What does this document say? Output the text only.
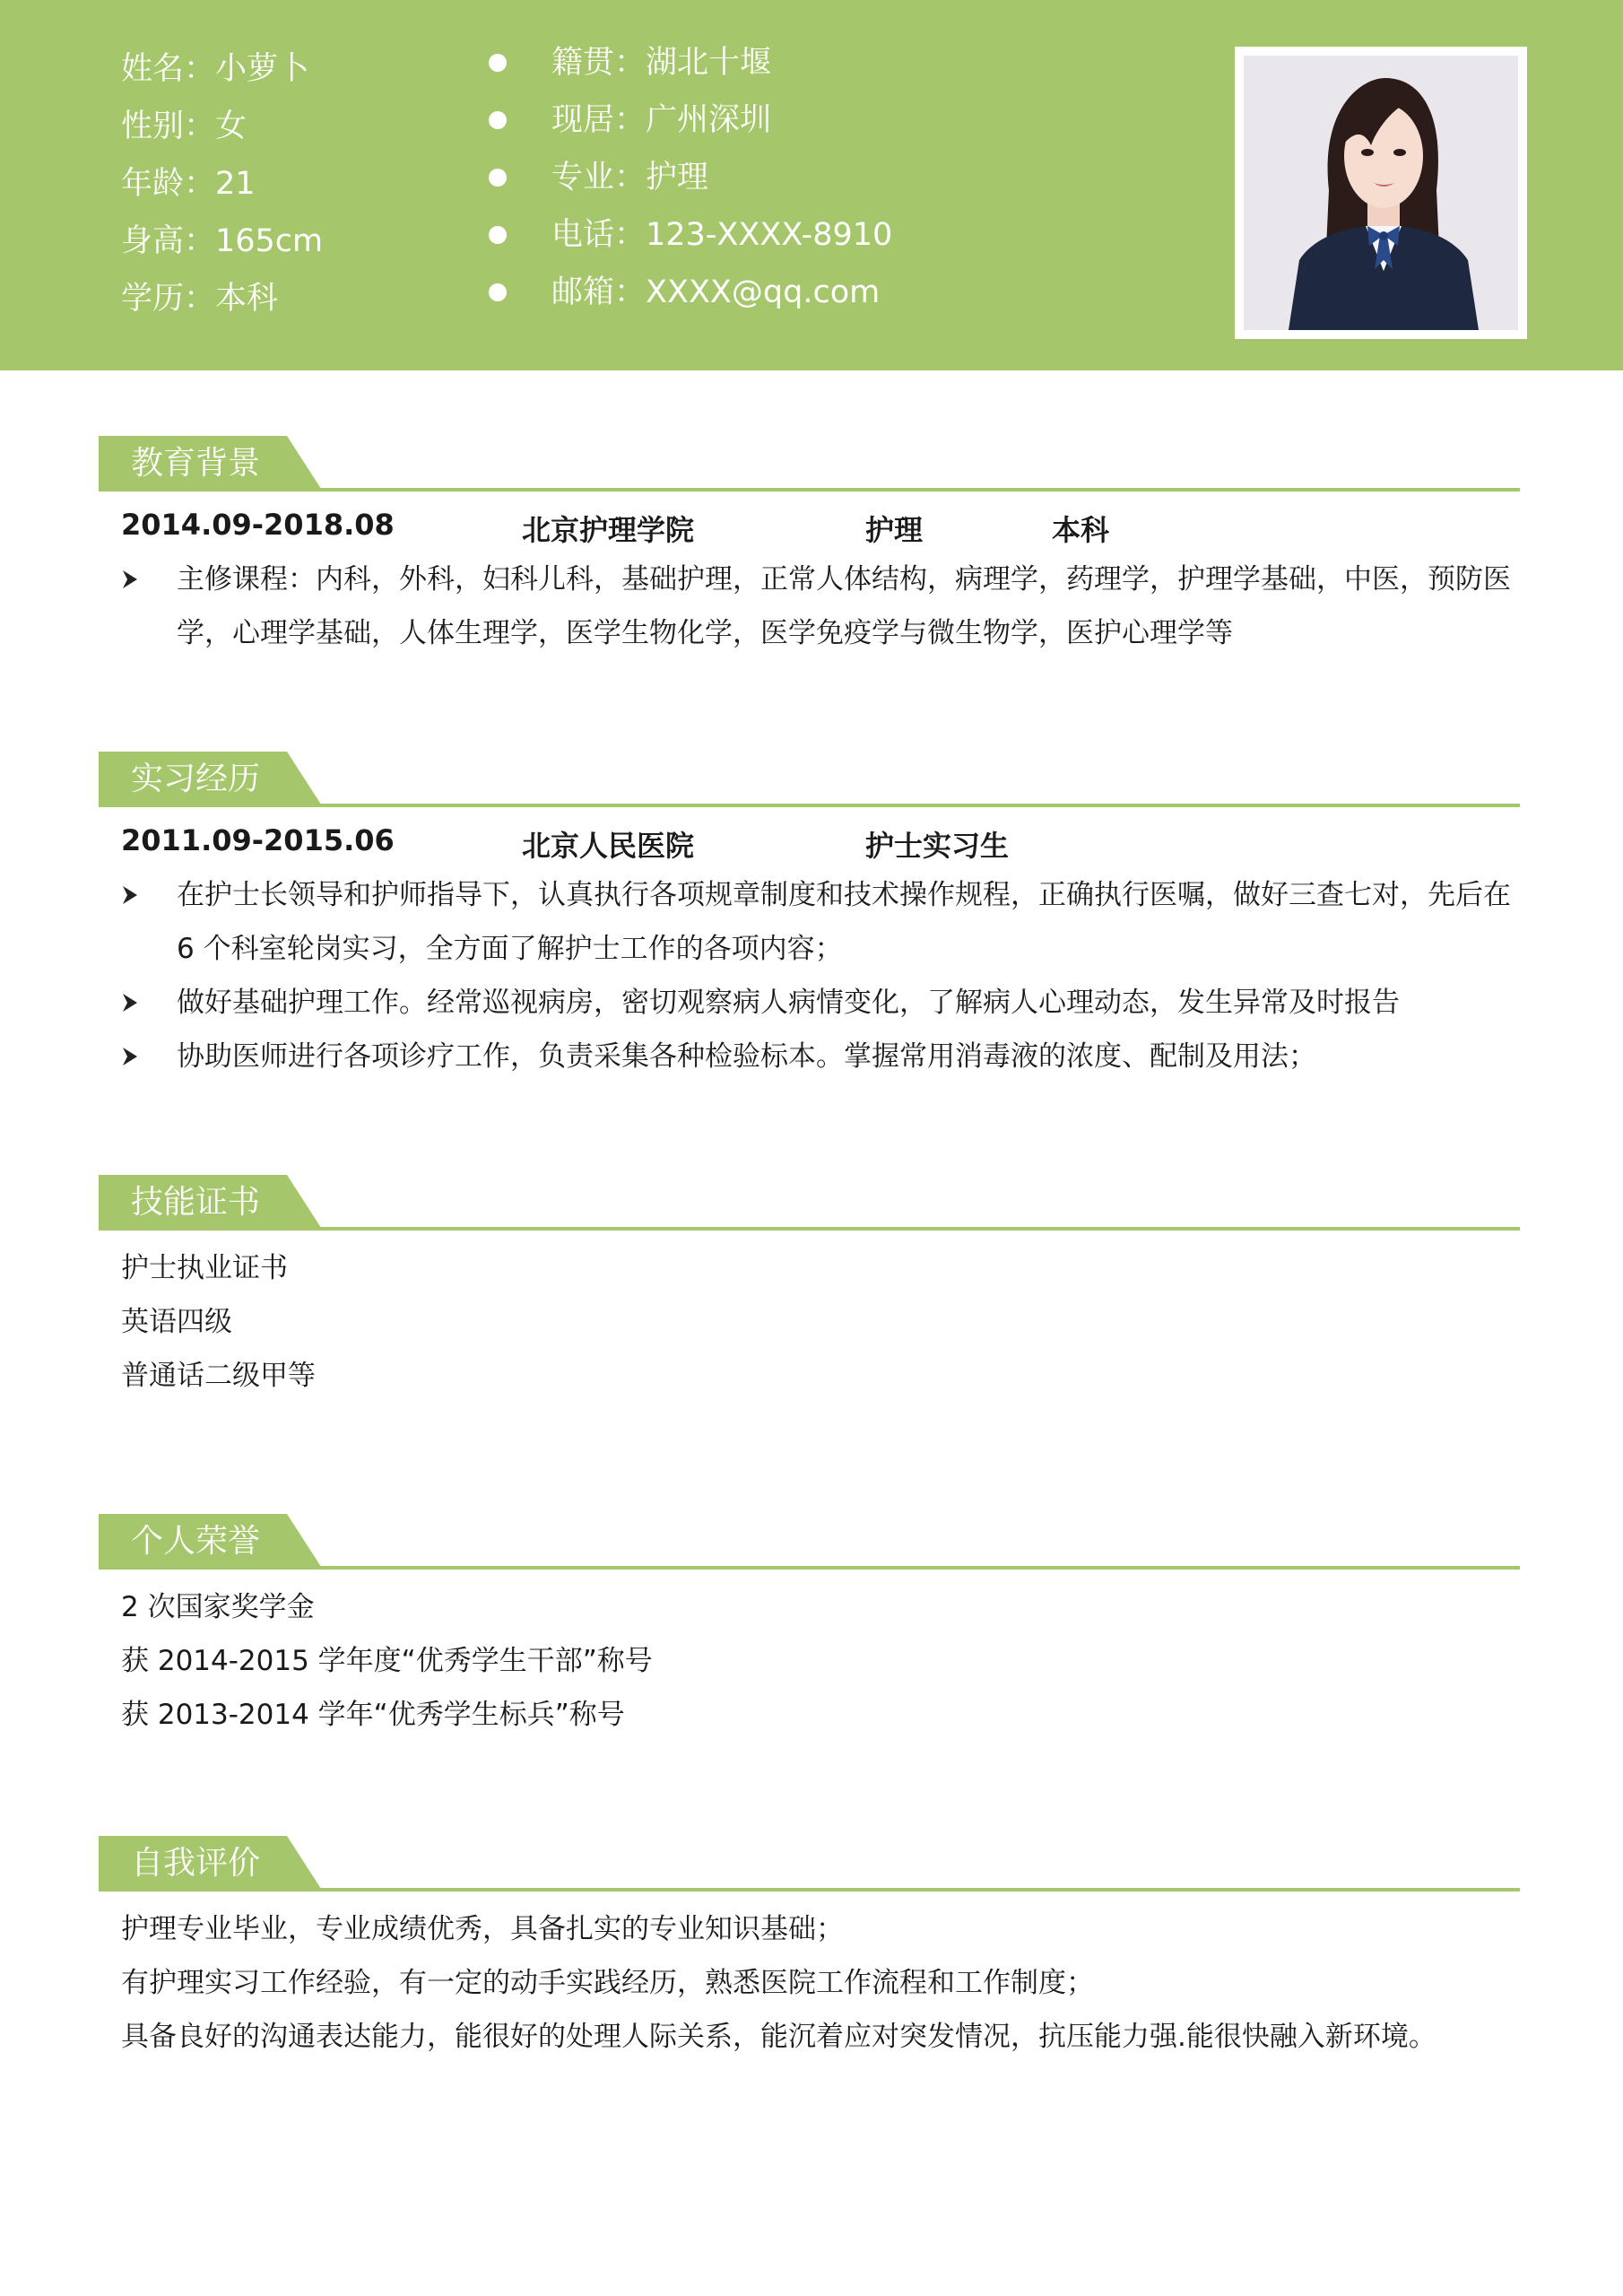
姓名：小萝卜
性别：女
年龄：21
身高：165cm
学历：本科
籍贯：湖北十堰
现居：广州深圳
专业：护理
电话：123-XXXX-8910
邮箱：XXXX@qq.com
教育背景
2014.09-2018.08	北京护理学院	护理	本科
主修课程：内科，外科，妇科儿科，基础护理，正常人体结构，病理学，药理学，护理学基础，中医，预防医学，心理学基础，人体生理学，医学生物化学，医学免疫学与微生物学，医护心理学等
实习经历
2011.09-2015.06	北京人民医院	护士实习生
在护士长领导和护师指导下，认真执行各项规章制度和技术操作规程，正确执行医嘱，做好三查七对，先后在 6 个科室轮岗实习，全方面了解护士工作的各项内容；
做好基础护理工作。经常巡视病房，密切观察病人病情变化，了解病人心理动态，发生异常及时报告
协助医师进行各项诊疗工作，负责采集各种检验标本。掌握常用消毒液的浓度、配制及用法；
技能证书
护士执业证书
英语四级
普通话二级甲等
个人荣誉
2 次国家奖学金
获 2014-2015 学年度“优秀学生干部”称号
获 2013-2014 学年“优秀学生标兵”称号
自我评价
护理专业毕业，专业成绩优秀，具备扎实的专业知识基础；
有护理实习工作经验，有一定的动手实践经历，熟悉医院工作流程和工作制度；
具备良好的沟通表达能力，能很好的处理人际关系，能沉着应对突发情况，抗压能力强.能很快融入新环境。
